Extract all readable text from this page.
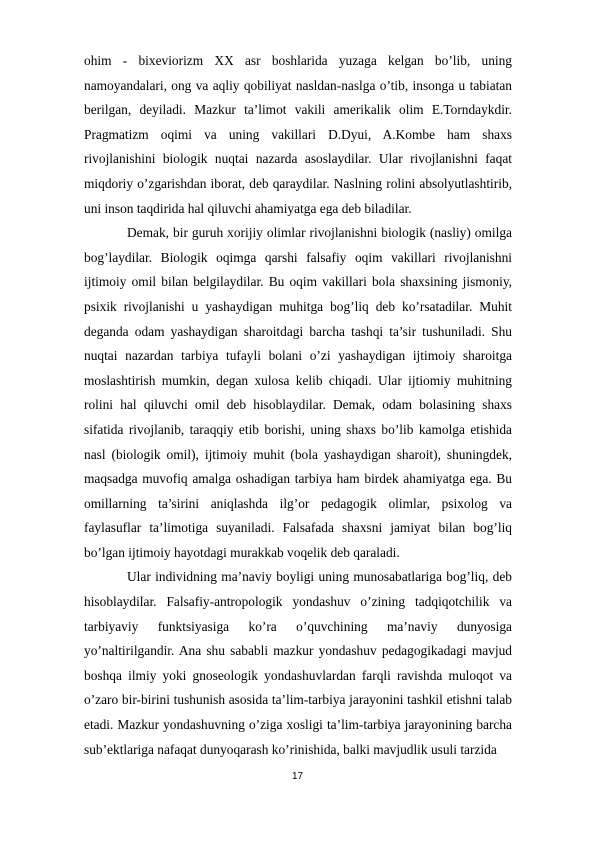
ohim - bixeviorizm XX asr boshlarida yuzaga kelgan bo’lib, uning namoyandalari, ong va aqliy qobiliyat nasldan-naslga o’tib, insonga u tabiatan berilgan, deyiladi. Mazkur ta’limot vakili amerikalik olim E.Torndaykdir. Pragmatizm oqimi va uning vakillari D.Dyui, A.Kombe ham shaxs rivojlanishini biologik nuqtai nazarda asoslaydilar. Ular rivojlanishni faqat miqdoriy o’zgarishdan iborat, deb qaraydilar. Naslning rolini absolyutlashtirib, uni inson taqdirida hal qiluvchi ahamiyatga ega deb biladilar.

Demak, bir guruh xorijiy olimlar rivojlanishni biologik (nasliy) omilga bog’laydilar. Biologik oqimga qarshi falsafiy oqim vakillari rivojlanishni ijtimoiy omil bilan belgilaydilar. Bu oqim vakillari bola shaxsining jismoniy, psixik rivojlanishi u yashaydigan muhitga bog’liq deb ko’rsatadilar. Muhit deganda odam yashaydigan sharoitdagi barcha tashqi ta’sir tushuniladi. Shu nuqtai nazardan tarbiya tufayli bolani o’zi yashaydigan ijtimoiy sharoitga moslashtirish mumkin, degan xulosa kelib chiqadi. Ular ijtiomiy muhitning rolini hal qiluvchi omil deb hisoblaydilar. Demak, odam bolasining shaxs sifatida rivojlanib, taraqqiy etib borishi, uning shaxs bo’lib kamolga etishida nasl (biologik omil), ijtimoiy muhit (bola yashaydigan sharoit), shuningdek, maqsadga muvofiq amalga oshadigan tarbiya ham birdek ahamiyatga ega. Bu omillarning ta’sirini aniqlashda ilg’or pedagogik olimlar, psixolog va faylasuflar ta’limotiga suyaniladi. Falsafada shaxsni jamiyat bilan bog’liq bo’lgan ijtimoiy hayotdagi murakkab voqelik deb qaraladi.

Ular individning ma’naviy boyligi uning munosabatlariga bog’liq, deb hisoblaydilar. Falsafiy-antropologik yondashuv o’zining tadqiqotchilik va tarbiyaviy funktsiyasiga ko’ra o’quvchining ma’naviy dunyosiga yo’naltirilgandir. Ana shu sababli mazkur yondashuv pedagogikadagi mavjud boshqa ilmiy yoki gnoseologik yondashuvlardan farqli ravishda muloqot va o’zaro bir-birini tushunish asosida ta’lim-tarbiya jarayonini tashkil etishni talab etadi. Mazkur yondashuvning o’ziga xosligi ta’lim-tarbiya jarayonining barcha sub’ektlariga nafaqat dunyoqarash ko’rinishida, balki mavjudlik usuli tarzida

17
